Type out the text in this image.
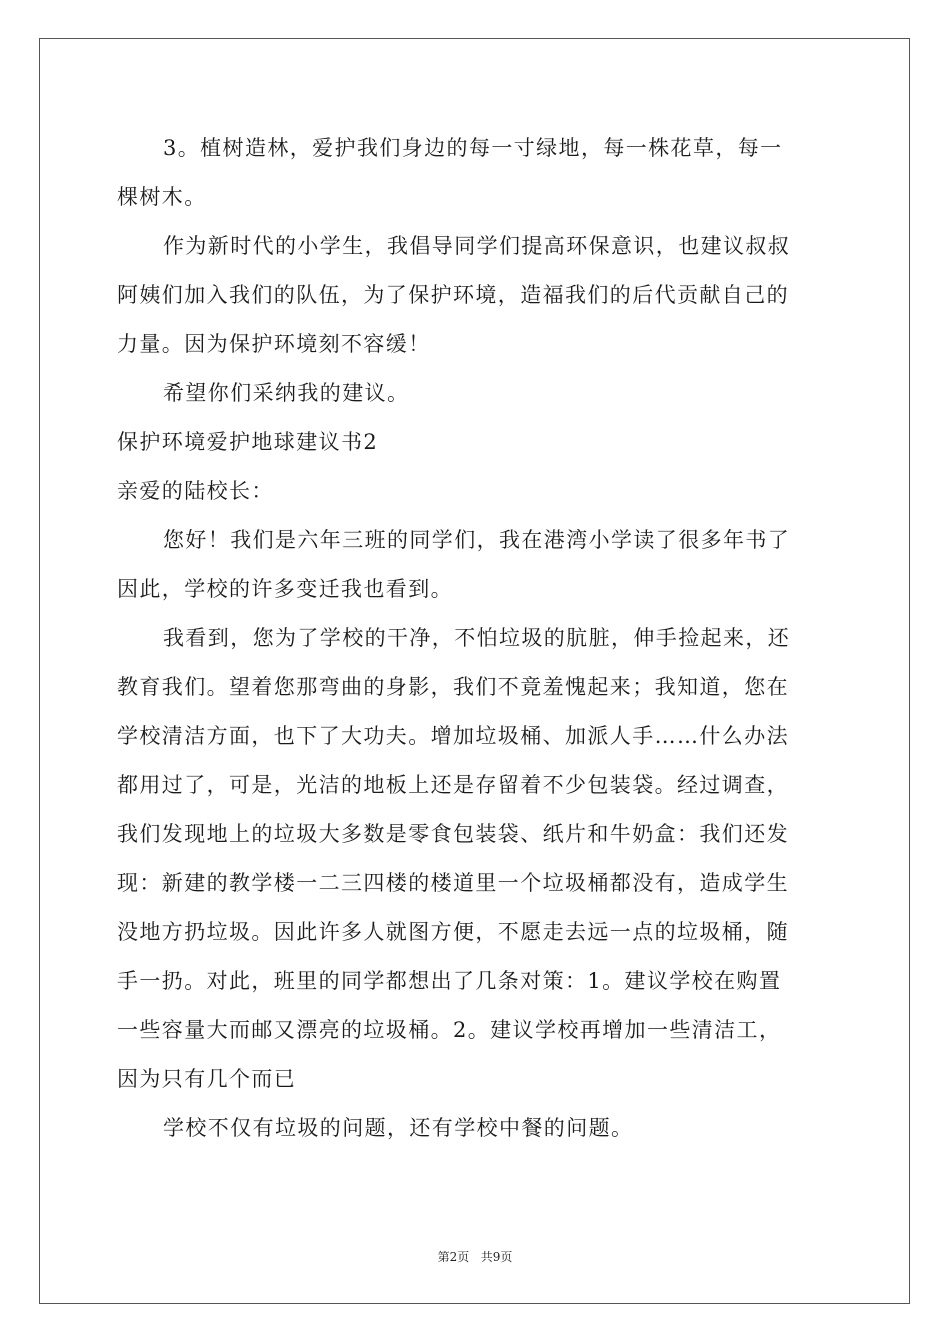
3。植树造林，爱护我们身边的每一寸绿地，每一株花草，每一
棵树木。
作为新时代的小学生，我倡导同学们提高环保意识，也建议叔叔
阿姨们加入我们的队伍，为了保护环境，造福我们的后代贡献自己的
力量。因为保护环境刻不容缓！
希望你们采纳我的建议。
保护环境爱护地球建议书2
亲爱的陆校长：
您好！我们是六年三班的同学们，我在港湾小学读了很多年书了
因此，学校的许多变迁我也看到。
我看到，您为了学校的干净，不怕垃圾的肮脏，伸手捡起来，还
教育我们。望着您那弯曲的身影，我们不竟羞愧起来；我知道，您在
学校清洁方面，也下了大功夫。增加垃圾桶、加派人手……什么办法
都用过了，可是，光洁的地板上还是存留着不少包装袋。经过调查，
我们发现地上的垃圾大多数是零食包装袋、纸片和牛奶盒：我们还发
现：新建的教学楼一二三四楼的楼道里一个垃圾桶都没有，造成学生
没地方扔垃圾。因此许多人就图方便，不愿走去远一点的垃圾桶，随
手一扔。对此，班里的同学都想出了几条对策：1。建议学校在购置
一些容量大而邮又漂亮的垃圾桶。2。建议学校再增加一些清洁工，
因为只有几个而已
学校不仅有垃圾的问题，还有学校中餐的问题。
第2页 共9页
